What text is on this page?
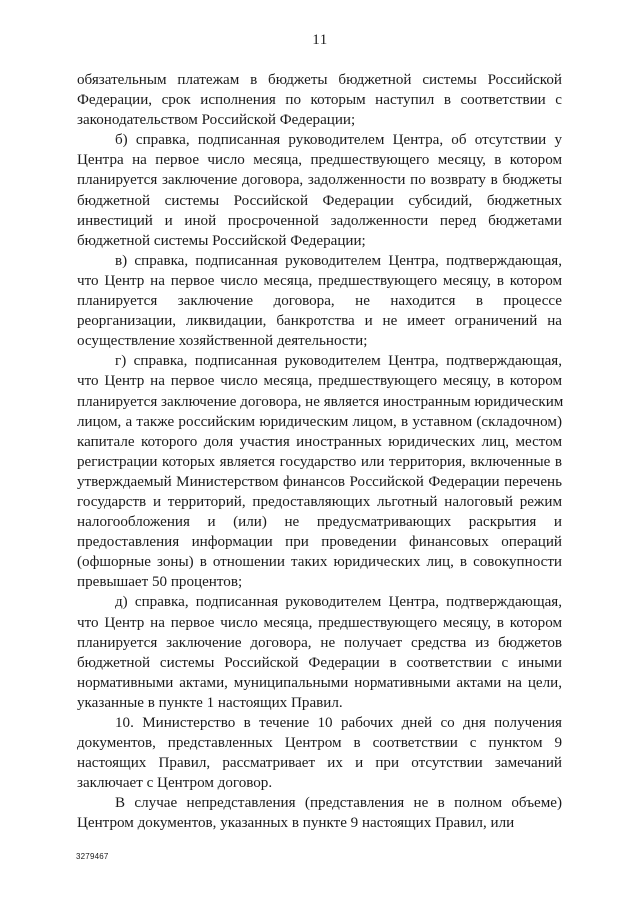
11
обязательным платежам в бюджеты бюджетной системы Российской
Федерации, срок исполнения по которым наступил в соответствии с
законодательством Российской Федерации;
б) справка, подписанная руководителем Центра, об отсутствии у
Центра на первое число месяца, предшествующего месяцу, в котором
планируется заключение договора, задолженности по возврату в бюджеты
бюджетной системы Российской Федерации субсидий, бюджетных
инвестиций и иной просроченной задолженности перед бюджетами
бюджетной системы Российской Федерации;
в) справка, подписанная руководителем Центра, подтверждающая,
что Центр на первое число месяца, предшествующего месяцу, в котором
планируется заключение договора, не находится в процессе
реорганизации, ликвидации, банкротства и не имеет ограничений на
осуществление хозяйственной деятельности;
г) справка, подписанная руководителем Центра, подтверждающая,
что Центр на первое число месяца, предшествующего месяцу, в котором
планируется заключение договора, не является иностранным юридическим
лицом, а также российским юридическим лицом, в уставном (складочном)
капитале которого доля участия иностранных юридических лиц, местом
регистрации которых является государство или территория, включенные в
утверждаемый Министерством финансов Российской Федерации перечень
государств и территорий, предоставляющих льготный налоговый режим
налогообложения и (или) не предусматривающих раскрытия и
предоставления информации при проведении финансовых операций
(офшорные зоны) в отношении таких юридических лиц, в совокупности
превышает 50 процентов;
д) справка, подписанная руководителем Центра, подтверждающая,
что Центр на первое число месяца, предшествующего месяцу, в котором
планируется заключение договора, не получает средства из бюджетов
бюджетной системы Российской Федерации в соответствии с иными
нормативными актами, муниципальными нормативными актами на цели,
указанные в пункте 1 настоящих Правил.
10. Министерство в течение 10 рабочих дней со дня получения
документов, представленных Центром в соответствии с пунктом 9
настоящих Правил, рассматривает их и при отсутствии замечаний
заключает с Центром договор.
В случае непредставления (представления не в полном объеме)
Центром документов, указанных в пункте 9 настоящих Правил, или
3279467
